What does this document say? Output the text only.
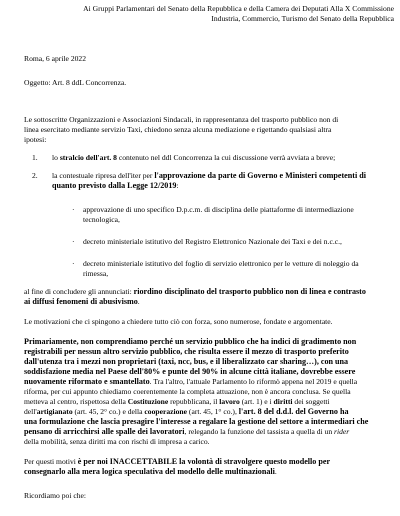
Ai Gruppi Parlamentari del Senato della Repubblica e della Camera dei Deputati Alla X Commissione
Industria, Commercio, Turismo del Senato della Repubblica
Roma, 6 aprile 2022
Oggetto: Art. 8 ddL Concorrenza.
Le sottoscritte Organizzazioni e Associazioni Sindacali, in rappresentanza del trasporto pubblico non di
linea esercitato mediante servizio Taxi, chiedono senza alcuna mediazione e rigettando qualsiasi altra
ipotesi:
1. lo stralcio dell'art. 8 contenuto nel ddl Concorrenza la cui discussione verrà avviata a breve;
2. la contestuale ripresa dell'iter per l'approvazione da parte di Governo e Ministeri competenti di
quanto previsto dalla Legge 12/2019:
· approvazione di uno specifico D.p.c.m. di disciplina delle piattaforme di intermediazione
tecnologica,
· decreto ministeriale istitutivo del Registro Elettronico Nazionale dei Taxi e dei n.c.c.,
· decreto ministeriale istitutivo del foglio di servizio elettronico per le vetture di noleggio da
rimessa,
al fine di concludere gli annunciati: riordino disciplinato del trasporto pubblico non di linea e contrasto
ai diffusi fenomeni di abusivismo.
Le motivazioni che ci spingono a chiedere tutto ciò con forza, sono numerose, fondate e argomentate.
Primariamente, non comprendiamo perché un servizio pubblico che ha indici di gradimento non
registrabili per nessun altro servizio pubblico, che risulta essere il mezzo di trasporto preferito
dall'utenza tra i mezzi non proprietari (taxi, ncc, bus, e il liberalizzato car sharing…), con una
soddisfazione media nel Paese dell'80% e punte del 90% in alcune città italiane, dovrebbe essere
nuovamente riformato e smantellato. Tra l'altro, l'attuale Parlamento lo riformò appena nel 2019 e quella
riforma, per cui appunto chiediamo coerentemente la completa attuazione, non è ancora conclusa. Se quella
metteva al centro, rispettosa della Costituzione repubblicana, il lavoro (art. 1) e i diritti dei soggetti
dell'artigianato (art. 45, 2° co.) e della cooperazione (art. 45, 1° co.), l'art. 8 del d.d.l. del Governo ha
una formulazione che lascia presagire l'interesse a regalare la gestione del settore a intermediari che
pensano di arricchirsi alle spalle dei lavoratori, relegando la funzione del tassista a quella di un rider
della mobilità, senza diritti ma con rischi di impresa a carico.
Per questi motivi è per noi INACCETTABILE la volontà di stravolgere questo modello per
consegnarlo alla mera logica speculativa del modello delle multinazionali.
Ricordiamo poi che:
